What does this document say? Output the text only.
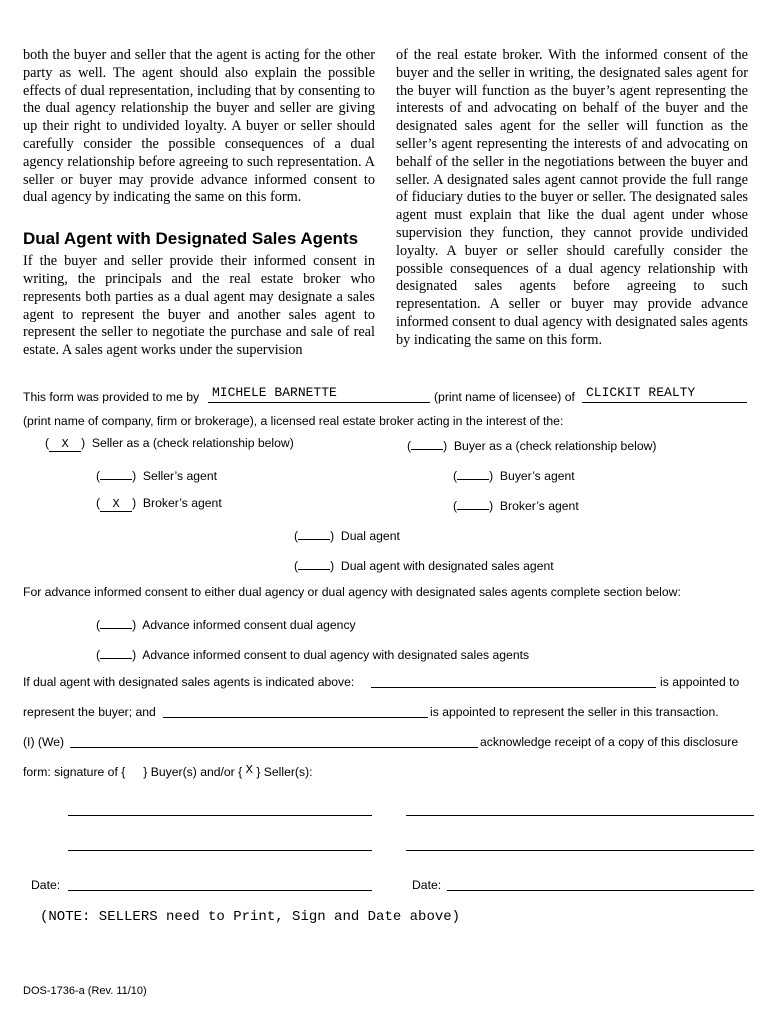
both the buyer and seller that the agent is acting for the other party as well. The agent should also explain the possible effects of dual representation, including that by consenting to the dual agency relationship the buyer and seller are giving up their right to undivided loyalty. A buyer or seller should carefully consider the possible consequences of a dual agency relationship before agreeing to such representation. A seller or buyer may provide advance informed consent to dual agency by indicating the same on this form.

Dual Agent with Designated Sales Agents

If the buyer and seller provide their informed consent in writing, the principals and the real estate broker who represents both parties as a dual agent may designate a sales agent to represent the buyer and another sales agent to represent the seller to negotiate the purchase and sale of real estate. A sales agent works under the supervision

of the real estate broker. With the informed consent of the buyer and the seller in writing, the designated sales agent for the buyer will function as the buyer’s agent representing the interests of and advocating on behalf of the buyer and the designated sales agent for the seller will function as the seller’s agent representing the interests of and advocating on behalf of the seller in the negotiations between the buyer and seller. A designated sales agent cannot provide the full range of fiduciary duties to the buyer or seller. The designated sales agent must explain that like the dual agent under whose supervision they function, they cannot provide undivided loyalty. A buyer or seller should carefully consider the possible consequences of a dual agency relationship with designated sales agents before agreeing to such representation. A seller or buyer may provide advance informed consent to dual agency with designated sales agents by indicating the same on this form.

This form was provided to me by MICHELE BARNETTE	(print name of licensee) of CLICKIT REALTY
(print name of company, firm or brokerage), a licensed real estate broker acting in the interest of the:
( X )  Seller as a (check relationship below)	(	)  Buyer as a (check relationship below)
(	)  Seller’s agent	(	)  Buyer’s agent
( X )  Broker’s agent	(	)  Broker’s agent
(	)  Dual agent
(	)  Dual agent with designated sales agent
For advance informed consent to either dual agency or dual agency with designated sales agents complete section below:
(	)  Advance informed consent dual agency
(	)  Advance informed consent to dual agency with designated sales agents
If dual agent with designated sales agents is indicated above:	is appointed to
represent the buyer; and	is appointed to represent the seller in this transaction.
(I) (We)	acknowledge receipt of a copy of this disclosure
form: signature of { } Buyer(s) and/or { X } Seller(s):
Date:	Date:
(NOTE: SELLERS need to Print, Sign and Date above)
DOS-1736-a (Rev. 11/10)
